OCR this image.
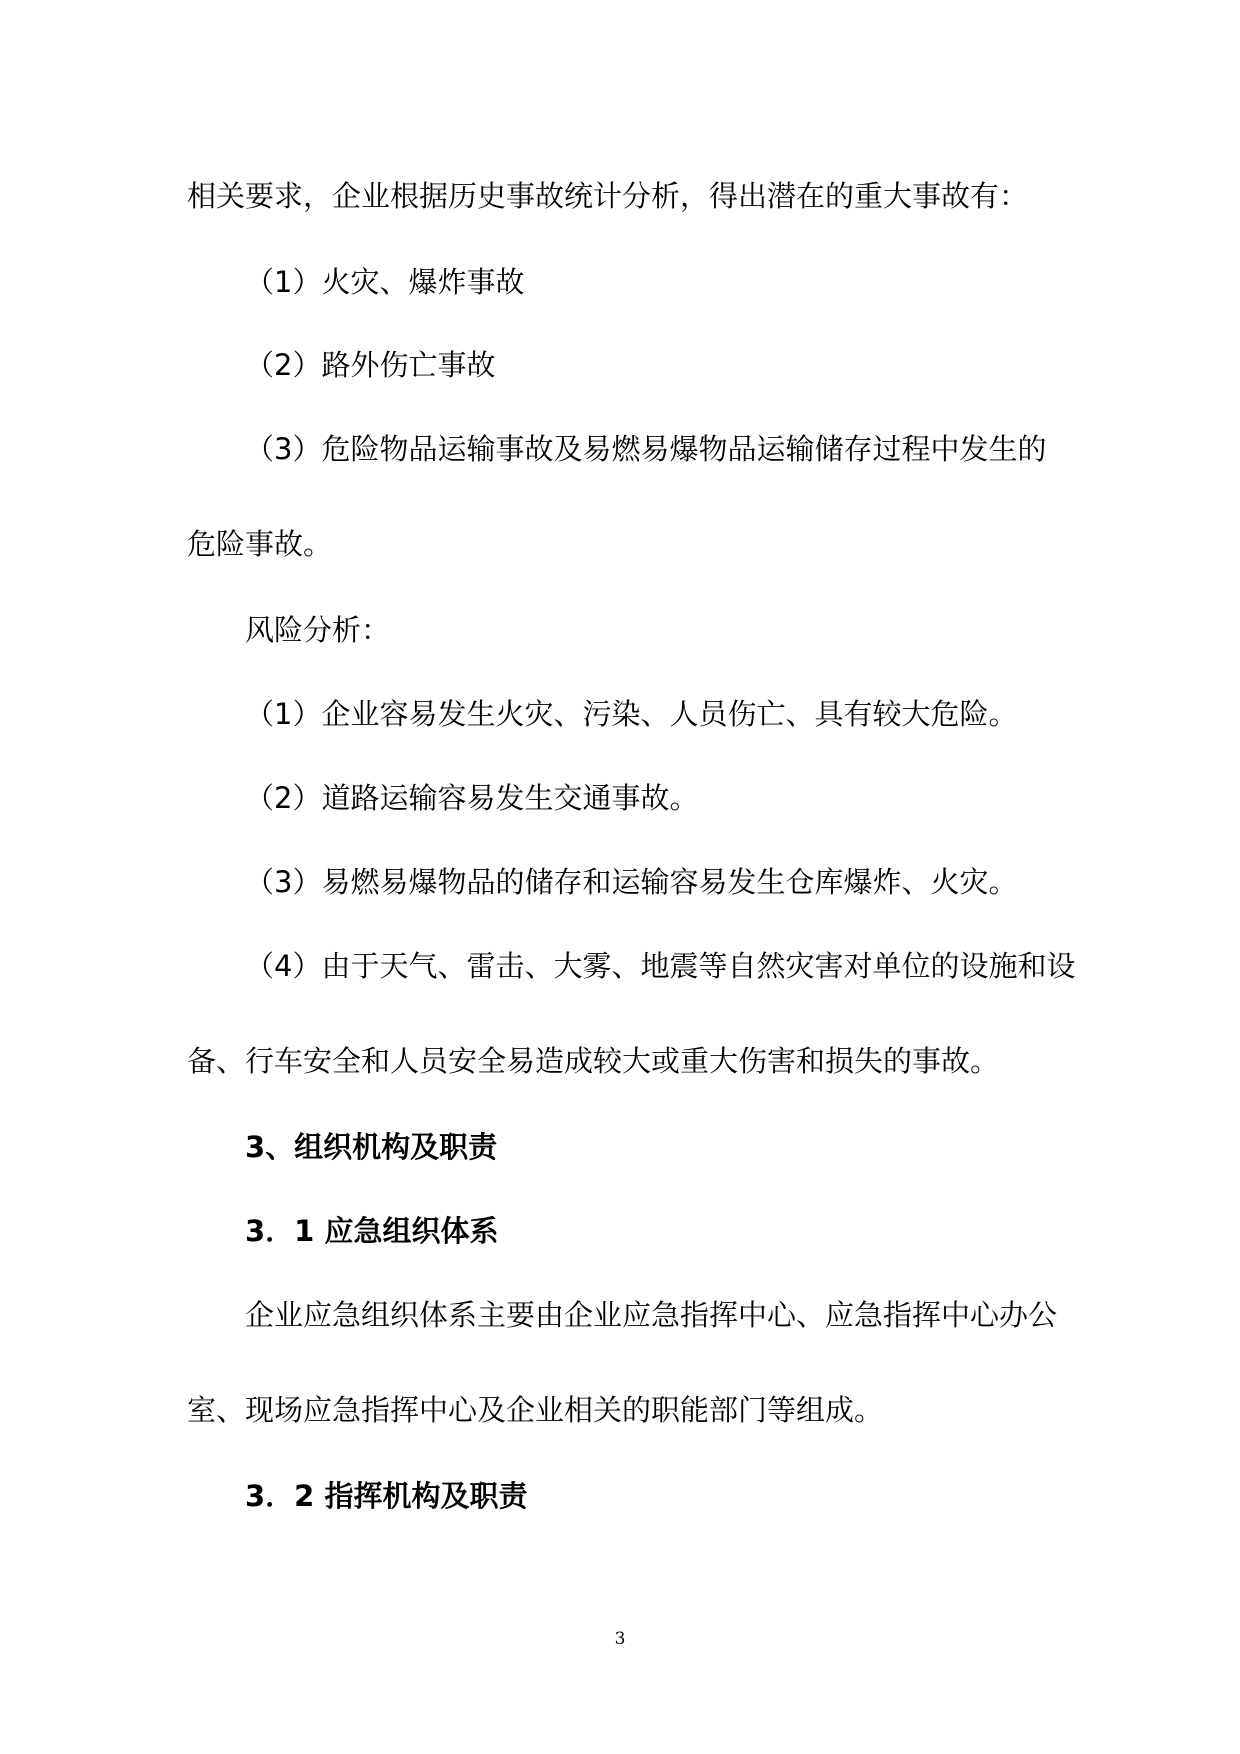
相关要求，企业根据历史事故统计分析，得出潜在的重大事故有：
（1）火灾、爆炸事故
（2）路外伤亡事故
（3）危险物品运输事故及易燃易爆物品运输储存过程中发生的
危险事故。
风险分析：
（1）企业容易发生火灾、污染、人员伤亡、具有较大危险。
（2）道路运输容易发生交通事故。
（3）易燃易爆物品的储存和运输容易发生仓库爆炸、火灾。
（4）由于天气、雷击、大雾、地震等自然灾害对单位的设施和设
备、行车安全和人员安全易造成较大或重大伤害和损失的事故。
3、组织机构及职责
3．1 应急组织体系
企业应急组织体系主要由企业应急指挥中心、应急指挥中心办公
室、现场应急指挥中心及企业相关的职能部门等组成。
3．2 指挥机构及职责
3
